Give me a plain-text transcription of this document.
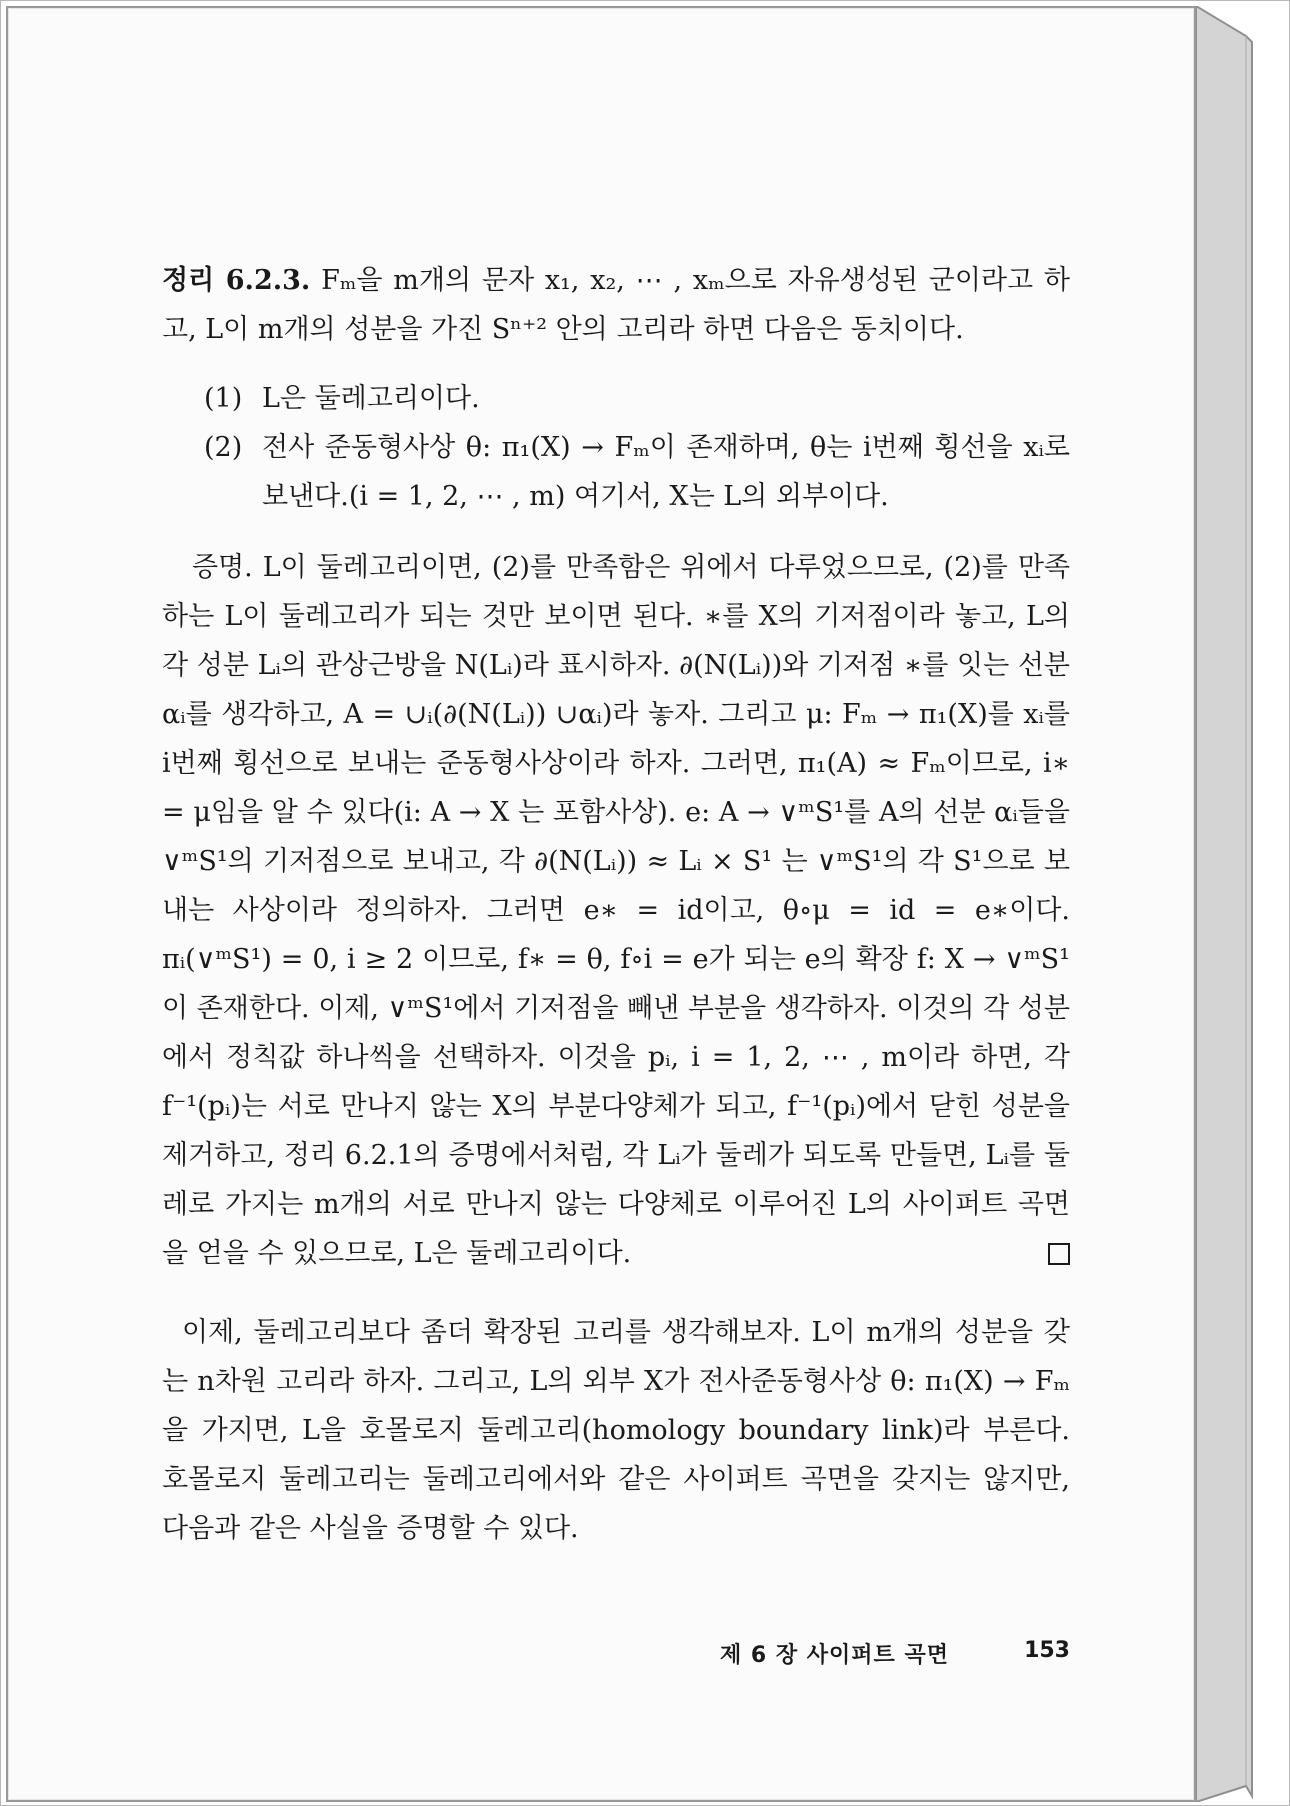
정리 6.2.3. Fₘ을 m개의 문자 x₁, x₂, ⋯ , xₘ으로 자유생성된 군이라고 하고, L이 m개의 성분을 가진 Sⁿ⁺² 안의 고리라 하면 다음은 동치이다.

(1) L은 둘레고리이다.
(2) 전사 준동형사상 θ: π₁(X) → Fₘ이 존재하며, θ는 i번째 횡선을 xᵢ로 보낸다.(i = 1, 2, ⋯ , m) 여기서, X는 L의 외부이다.

증명. L이 둘레고리이면, (2)를 만족함은 위에서 다루었으므로, (2)를 만족하는 L이 둘레고리가 되는 것만 보이면 된다. ∗를 X의 기저점이라 놓고, L의 각 성분 Lᵢ의 관상근방을 N(Lᵢ)라 표시하자. ∂(N(Lᵢ))와 기저점 ∗를 잇는 선분 αᵢ를 생각하고, A = ∪ᵢ(∂(N(Lᵢ)) ∪αᵢ)라 놓자. 그리고 μ: Fₘ → π₁(X)를 xᵢ를 i번째 횡선으로 보내는 준동형사상이라 하자. 그러면, π₁(A) ≈ Fₘ이므로, i∗ = μ임을 알 수 있다(i: A → X 는 포함사상). e: A → ∨ᵐS¹를 A의 선분 αᵢ들을 ∨ᵐS¹의 기저점으로 보내고, 각 ∂(N(Lᵢ)) ≈ Lᵢ × S¹ 는 ∨ᵐS¹의 각 S¹으로 보내는 사상이라 정의하자. 그러면 e∗ = id이고, θ∘μ = id = e∗이다. πᵢ(∨ᵐS¹) = 0, i ≥ 2 이므로, f∗ = θ, f∘i = e가 되는 e의 확장 f: X → ∨ᵐS¹이 존재한다. 이제, ∨ᵐS¹에서 기저점을 빼낸 부분을 생각하자. 이것의 각 성분에서 정칙값 하나씩을 선택하자. 이것을 pᵢ, i = 1, 2, ⋯ , m이라 하면, 각 f⁻¹(pᵢ)는 서로 만나지 않는 X의 부분다양체가 되고, f⁻¹(pᵢ)에서 닫힌 성분을 제거하고, 정리 6.2.1의 증명에서처럼, 각 Lᵢ가 둘레가 되도록 만들면, Lᵢ를 둘레로 가지는 m개의 서로 만나지 않는 다양체로 이루어진 L의 사이퍼트 곡면을 얻을 수 있으므로, L은 둘레고리이다.

이제, 둘레고리보다 좀더 확장된 고리를 생각해보자. L이 m개의 성분을 갖는 n차원 고리라 하자. 그리고, L의 외부 X가 전사준동형사상 θ: π₁(X) → Fₘ을 가지면, L을 호몰로지 둘레고리(homology boundary link)라 부른다. 호몰로지 둘레고리는 둘레고리에서와 같은 사이퍼트 곡면을 갖지는 않지만, 다음과 같은 사실을 증명할 수 있다.

제 6 장 사이퍼트 곡면	153
